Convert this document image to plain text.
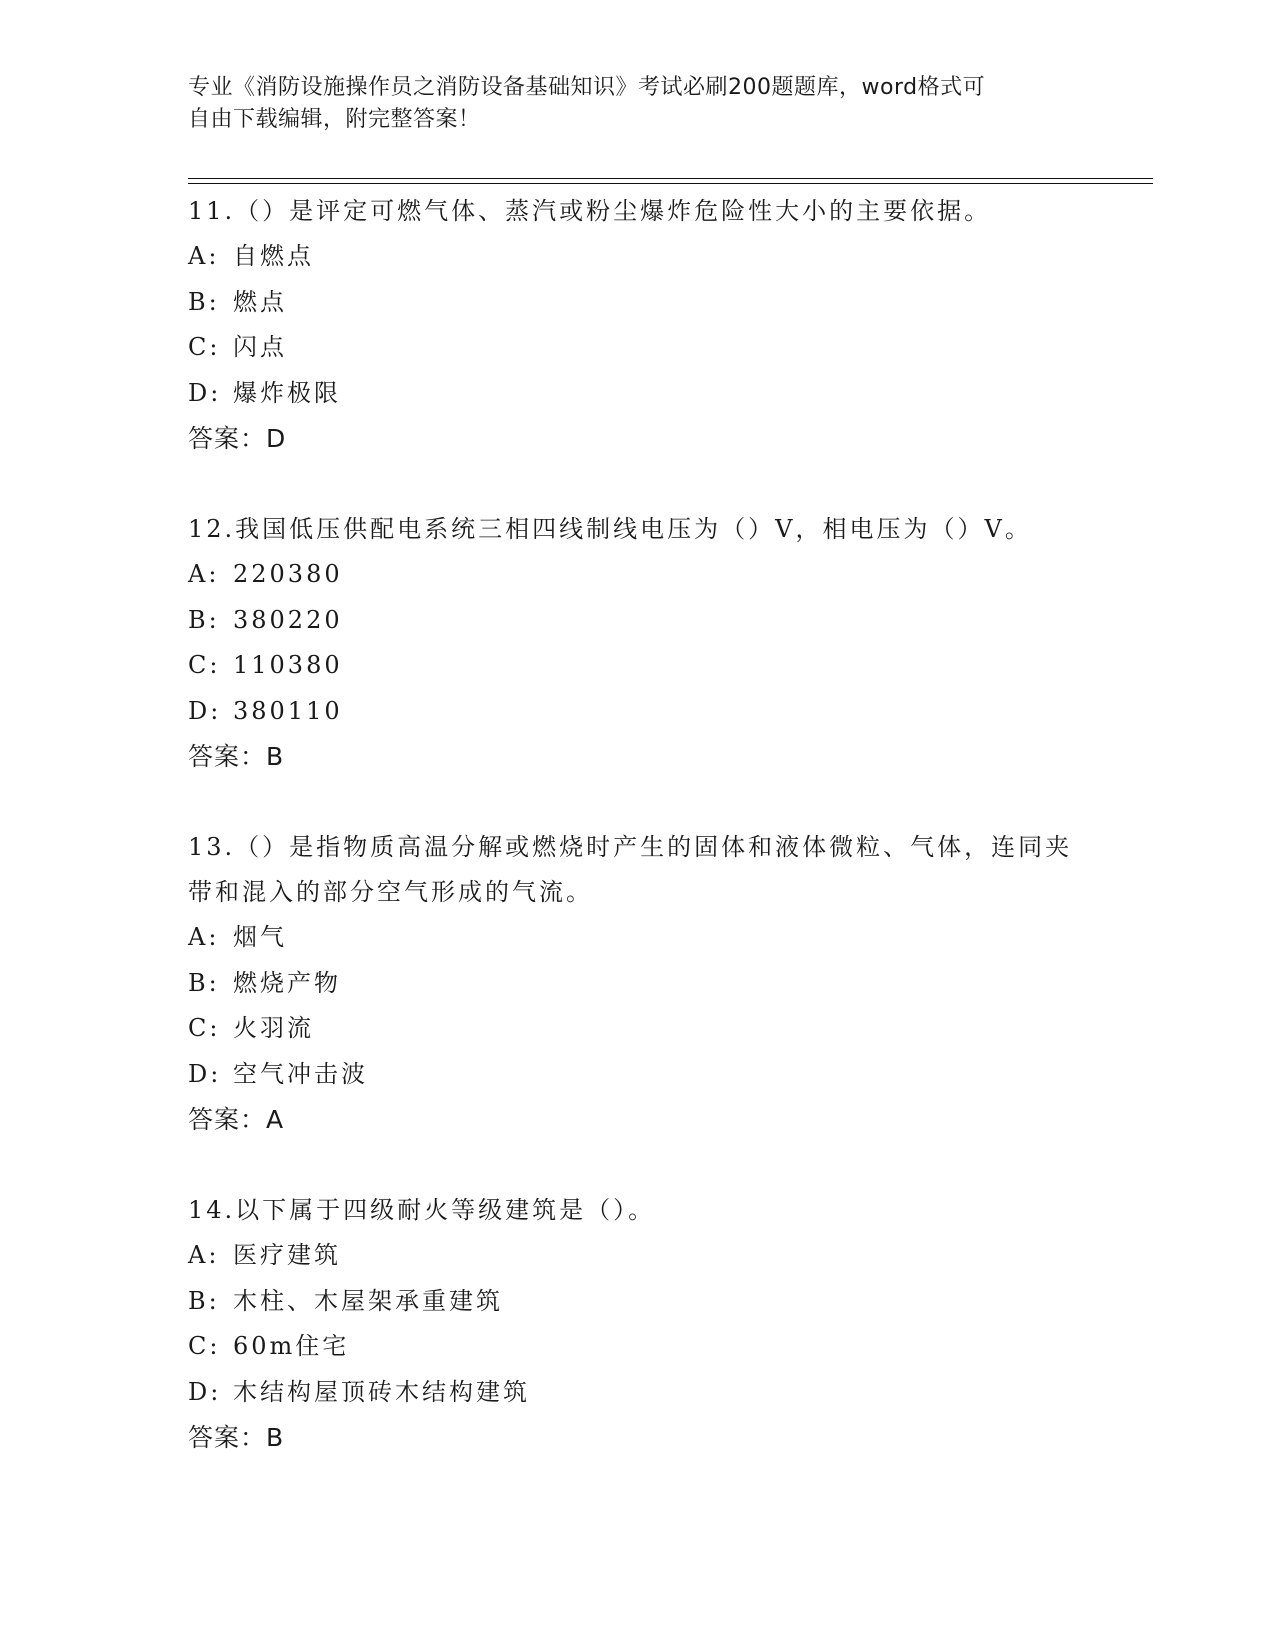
专业《消防设施操作员之消防设备基础知识》考试必刷200题题库，word格式可
自由下载编辑，附完整答案！
11.（）是评定可燃气体、蒸汽或粉尘爆炸危险性大小的主要依据。
A: 自燃点
B: 燃点
C: 闪点
D: 爆炸极限
答案：D
12.我国低压供配电系统三相四线制线电压为（）V，相电压为（）V。
A: 220380
B: 380220
C: 110380
D: 380110
答案：B
13.（）是指物质高温分解或燃烧时产生的固体和液体微粒、气体，连同夹带和混入的部分空气形成的气流。
A: 烟气
B: 燃烧产物
C: 火羽流
D: 空气冲击波
答案：A
14.以下属于四级耐火等级建筑是（）。
A: 医疗建筑
B: 木柱、木屋架承重建筑
C: 60m住宅
D: 木结构屋顶砖木结构建筑
答案：B
